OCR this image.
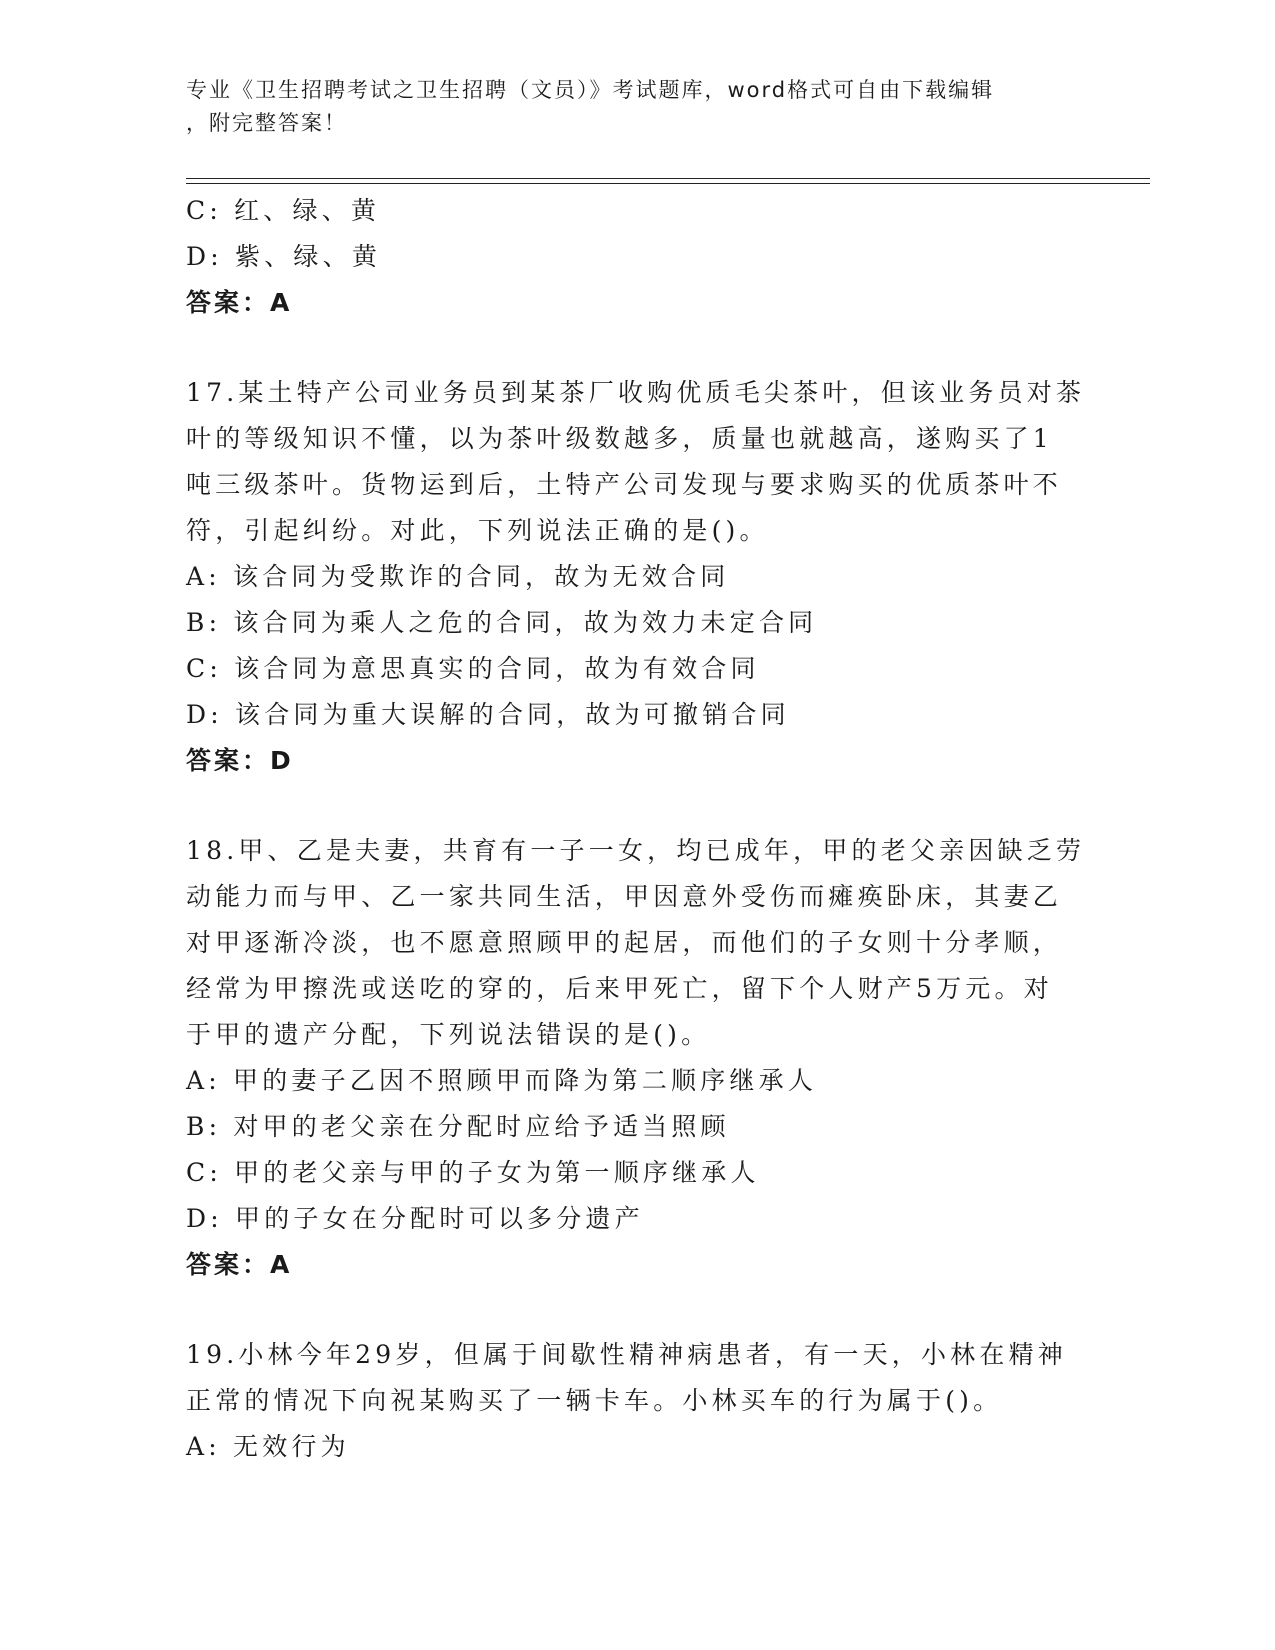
专业《卫生招聘考试之卫生招聘（文员）》考试题库，word格式可自由下载编辑
，附完整答案！
C: 红、绿、黄
D: 紫、绿、黄
答案：A
17.某土特产公司业务员到某茶厂收购优质毛尖茶叶，但该业务员对茶
叶的等级知识不懂，以为茶叶级数越多，质量也就越高，遂购买了1
吨三级茶叶。货物运到后，土特产公司发现与要求购买的优质茶叶不
符，引起纠纷。对此，下列说法正确的是()。
A: 该合同为受欺诈的合同，故为无效合同
B: 该合同为乘人之危的合同，故为效力未定合同
C: 该合同为意思真实的合同，故为有效合同
D: 该合同为重大误解的合同，故为可撤销合同
答案：D
18.甲、乙是夫妻，共育有一子一女，均已成年，甲的老父亲因缺乏劳
动能力而与甲、乙一家共同生活，甲因意外受伤而瘫痪卧床，其妻乙
对甲逐渐冷淡，也不愿意照顾甲的起居，而他们的子女则十分孝顺，
经常为甲擦洗或送吃的穿的，后来甲死亡，留下个人财产5万元。对
于甲的遗产分配，下列说法错误的是()。
A: 甲的妻子乙因不照顾甲而降为第二顺序继承人
B: 对甲的老父亲在分配时应给予适当照顾
C: 甲的老父亲与甲的子女为第一顺序继承人
D: 甲的子女在分配时可以多分遗产
答案：A
19.小林今年29岁，但属于间歇性精神病患者，有一天，小林在精神
正常的情况下向祝某购买了一辆卡车。小林买车的行为属于()。
A: 无效行为
